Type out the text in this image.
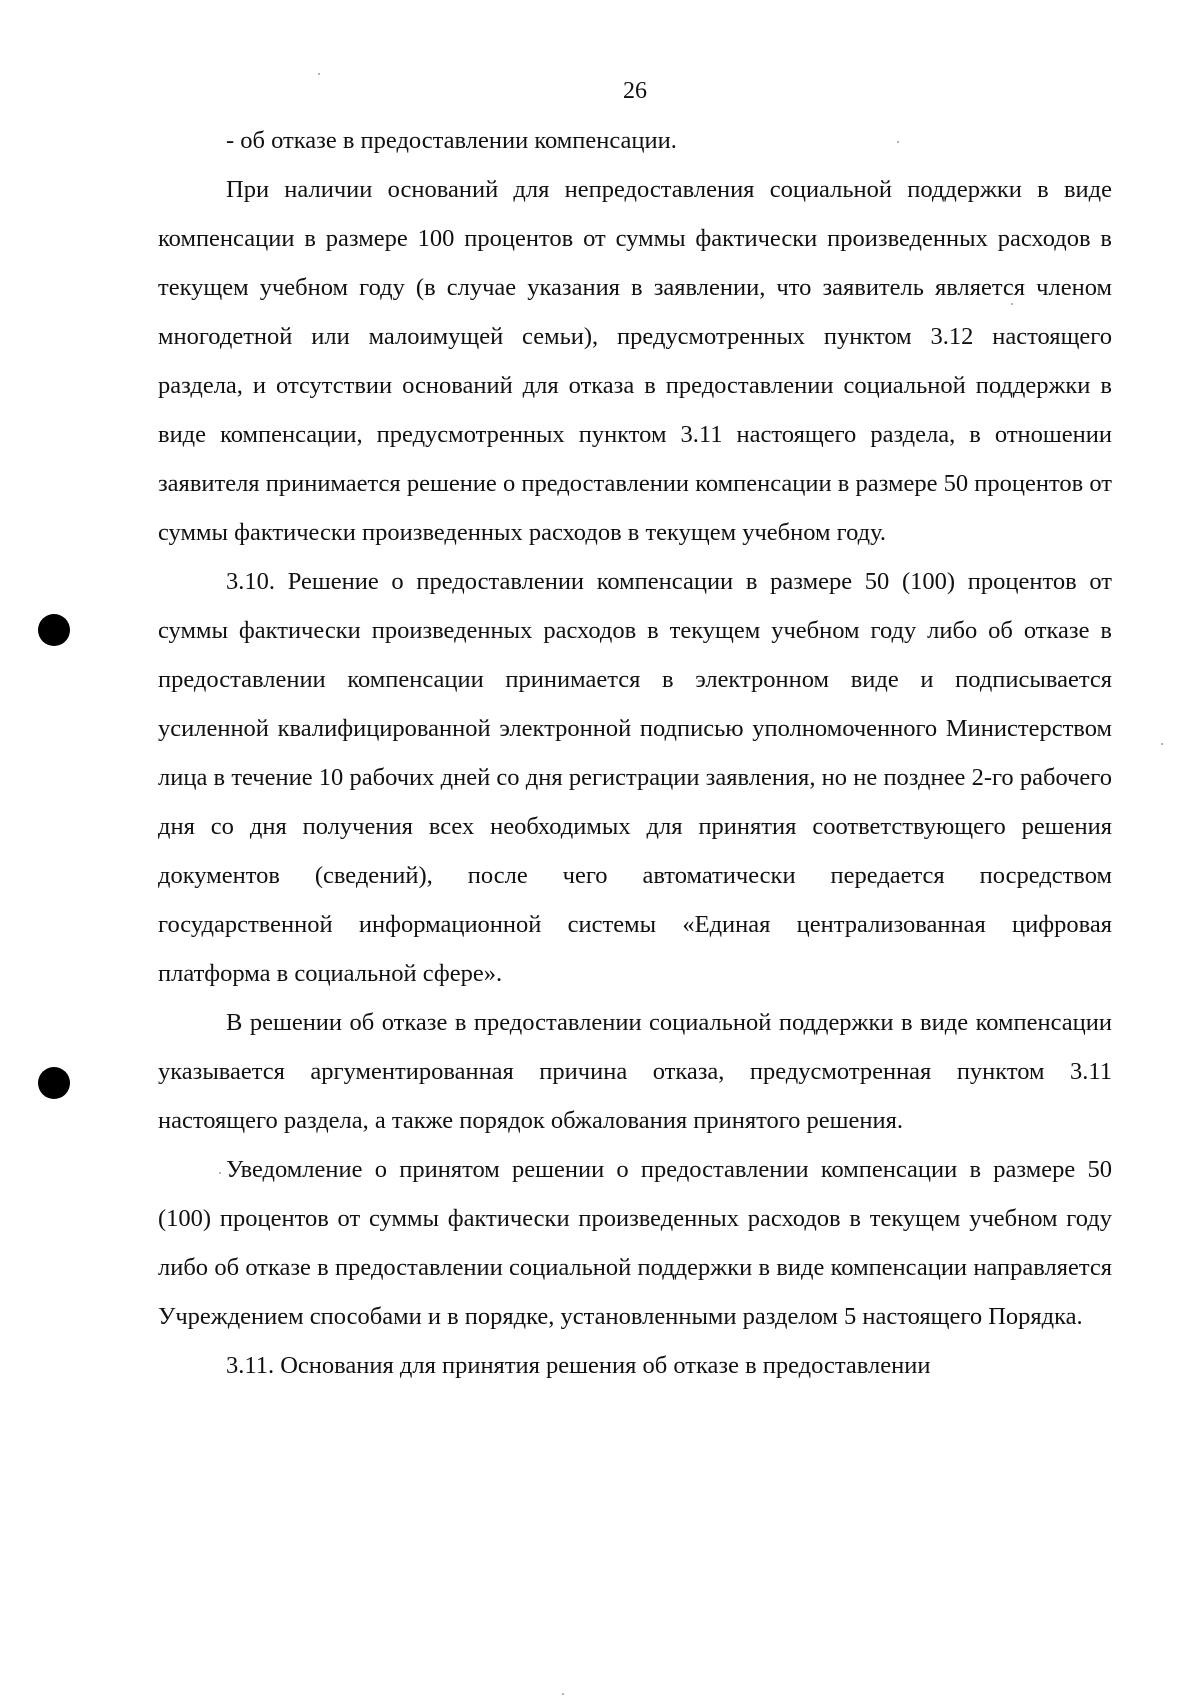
26

- об отказе в предоставлении компенсации.

При наличии оснований для непредоставления социальной поддержки в виде компенсации в размере 100 процентов от суммы фактически произведенных расходов в текущем учебном году (в случае указания в заявлении, что заявитель является членом многодетной или малоимущей семьи), предусмотренных пунктом 3.12 настоящего раздела, и отсутствии оснований для отказа в предоставлении социальной поддержки в виде компенсации, предусмотренных пунктом 3.11 настоящего раздела, в отношении заявителя принимается решение о предоставлении компенсации в размере 50 процентов от суммы фактически произведенных расходов в текущем учебном году.

3.10. Решение о предоставлении компенсации в размере 50 (100) процентов от суммы фактически произведенных расходов в текущем учебном году либо об отказе в предоставлении компенсации принимается в электронном виде и подписывается усиленной квалифицированной электронной подписью уполномоченного Министерством лица в течение 10 рабочих дней со дня регистрации заявления, но не позднее 2-го рабочего дня со дня получения всех необходимых для принятия соответствующего решения документов (сведений), после чего автоматически передается посредством государственной информационной системы «Единая централизованная цифровая платформа в социальной сфере».

В решении об отказе в предоставлении социальной поддержки в виде компенсации указывается аргументированная причина отказа, предусмотренная пунктом 3.11 настоящего раздела, а также порядок обжалования принятого решения.

Уведомление о принятом решении о предоставлении компенсации в размере 50 (100) процентов от суммы фактически произведенных расходов в текущем учебном году либо об отказе в предоставлении социальной поддержки в виде компенсации направляется Учреждением способами и в порядке, установленными разделом 5 настоящего Порядка.

3.11. Основания для принятия решения об отказе в предоставлении
